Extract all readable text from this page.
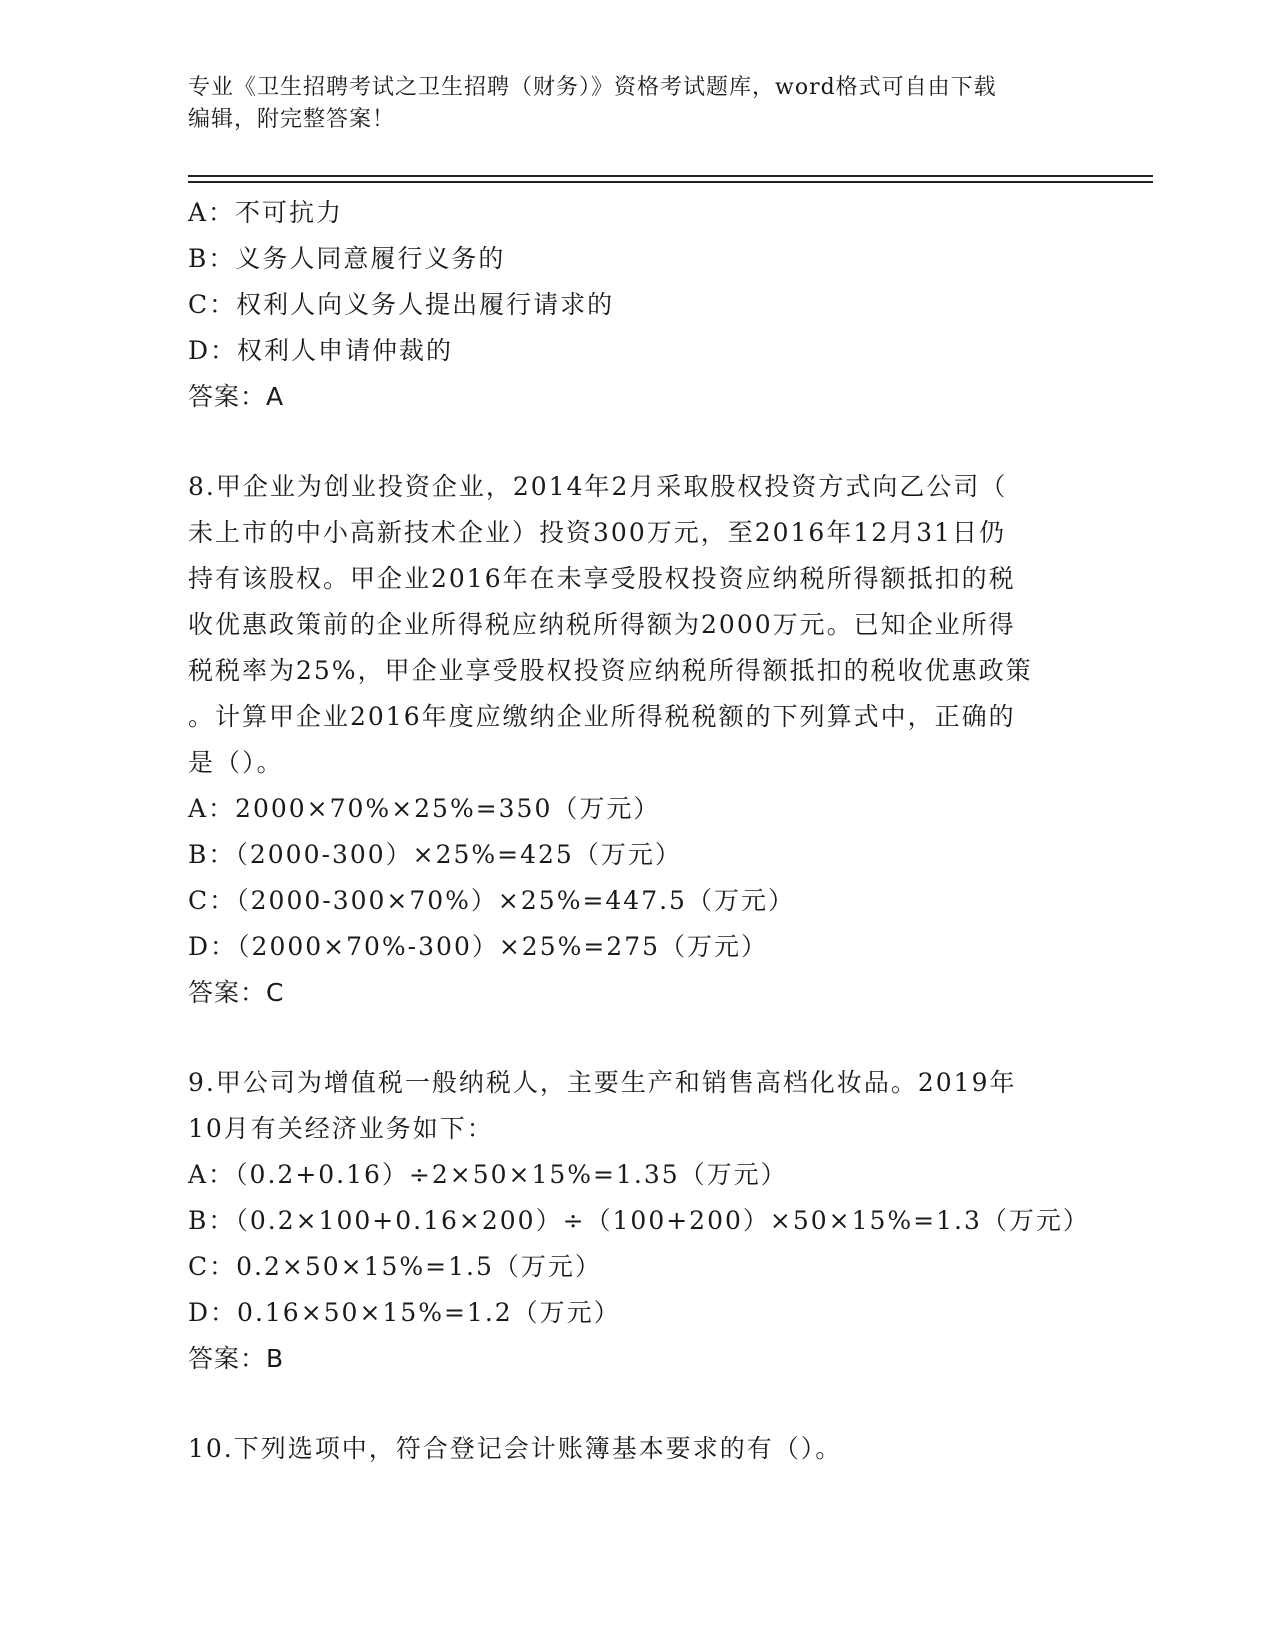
专业《卫生招聘考试之卫生招聘（财务）》资格考试题库，word格式可自由下载
编辑，附完整答案！
A：不可抗力
B：义务人同意履行义务的
C：权利人向义务人提出履行请求的
D：权利人申请仲裁的
答案：A
8.甲企业为创业投资企业，2014年2月采取股权投资方式向乙公司（
未上市的中小高新技术企业）投资300万元，至2016年12月31日仍
持有该股权。甲企业2016年在未享受股权投资应纳税所得额抵扣的税
收优惠政策前的企业所得税应纳税所得额为2000万元。已知企业所得
税税率为25%，甲企业享受股权投资应纳税所得额抵扣的税收优惠政策
。计算甲企业2016年度应缴纳企业所得税税额的下列算式中，正确的
是（）。
A：2000×70%×25%=350（万元）
B：（2000-300）×25%=425（万元）
C：（2000-300×70%）×25%=447.5（万元）
D：（2000×70%-300）×25%=275（万元）
答案：C
9.甲公司为增值税一般纳税人，主要生产和销售高档化妆品。2019年
10月有关经济业务如下：
A：（0.2+0.16）÷2×50×15%=1.35（万元）
B：（0.2×100+0.16×200）÷（100+200）×50×15%=1.3（万元）
C：0.2×50×15%=1.5（万元）
D：0.16×50×15%=1.2（万元）
答案：B
10.下列选项中，符合登记会计账簿基本要求的有（）。
